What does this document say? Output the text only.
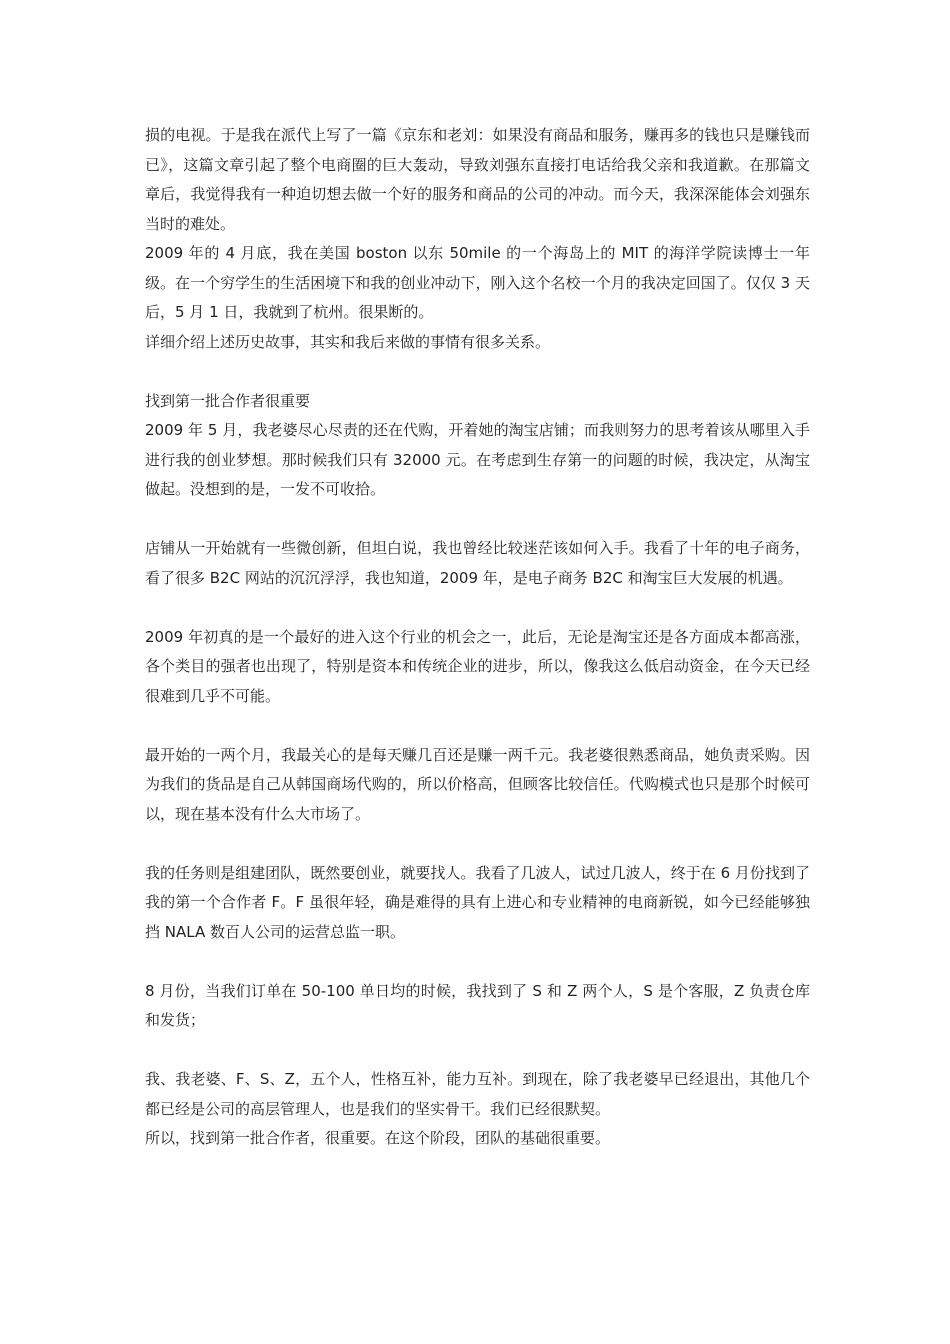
损的电视。于是我在派代上写了一篇《京东和老刘：如果没有商品和服务，赚再多的钱也只是赚钱而已》，这篇文章引起了整个电商圈的巨大轰动，导致刘强东直接打电话给我父亲和我道歉。在那篇文章后，我觉得我有一种迫切想去做一个好的服务和商品的公司的冲动。而今天，我深深能体会刘强东当时的难处。

2009 年的 4 月底，我在美国 boston 以东 50mile 的一个海岛上的 MIT 的海洋学院读博士一年级。在一个穷学生的生活困境下和我的创业冲动下，刚入这个名校一个月的我决定回国了。仅仅 3 天后，5 月 1 日，我就到了杭州。很果断的。

详细介绍上述历史故事，其实和我后来做的事情有很多关系。

找到第一批合作者很重要

2009 年 5 月，我老婆尽心尽责的还在代购，开着她的淘宝店铺；而我则努力的思考着该从哪里入手进行我的创业梦想。那时候我们只有 32000 元。在考虑到生存第一的问题的时候，我决定，从淘宝做起。没想到的是，一发不可收拾。

店铺从一开始就有一些微创新，但坦白说，我也曾经比较迷茫该如何入手。我看了十年的电子商务，看了很多 B2C 网站的沉沉浮浮，我也知道，2009 年，是电子商务 B2C 和淘宝巨大发展的机遇。

2009 年初真的是一个最好的进入这个行业的机会之一，此后，无论是淘宝还是各方面成本都高涨，各个类目的强者也出现了，特别是资本和传统企业的进步，所以，像我这么低启动资金，在今天已经很难到几乎不可能。

最开始的一两个月，我最关心的是每天赚几百还是赚一两千元。我老婆很熟悉商品，她负责采购。因为我们的货品是自己从韩国商场代购的，所以价格高，但顾客比较信任。代购模式也只是那个时候可以，现在基本没有什么大市场了。

我的任务则是组建团队，既然要创业，就要找人。我看了几波人，试过几波人，终于在 6 月份找到了我的第一个合作者 F。F 虽很年轻，确是难得的具有上进心和专业精神的电商新锐，如今已经能够独挡 NALA 数百人公司的运营总监一职。

8 月份，当我们订单在 50-100 单日均的时候，我找到了 S 和 Z 两个人，S 是个客服，Z 负责仓库和发货；

我、我老婆、F、S、Z，五个人，性格互补，能力互补。到现在，除了我老婆早已经退出，其他几个都已经是公司的高层管理人，也是我们的坚实骨干。我们已经很默契。

所以，找到第一批合作者，很重要。在这个阶段，团队的基础很重要。
